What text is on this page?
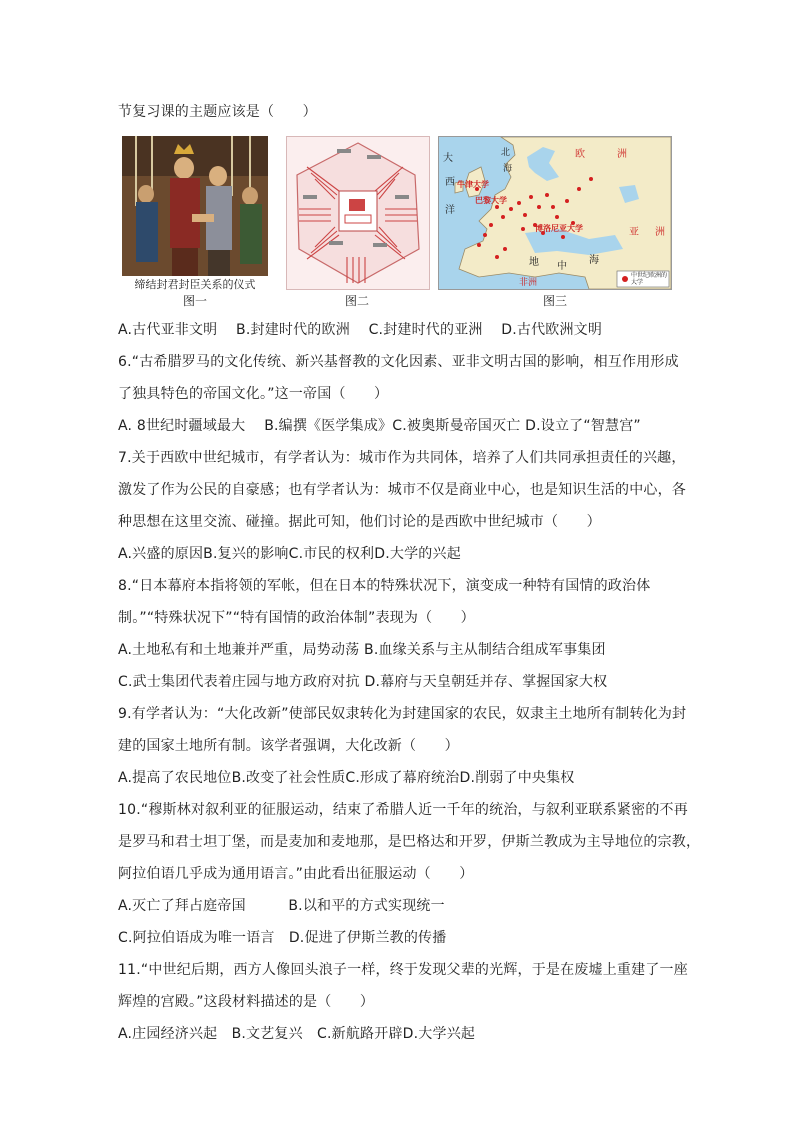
节复习课的主题应该是（　　）
缔结封君封臣关系的仪式
图一	图二
大
西
洋
北
海
欧	洲
亚 洲
地 中
海
非洲
牛津大学
巴黎大学
博洛尼亚大学
中世纪欧洲的大学
图三
A.古代亚非文明 B.封建时代的欧洲 C.封建时代的亚洲 D.古代欧洲文明
6.“古希腊罗马的文化传统、新兴基督教的文化因素、亚非文明古国的影响，相互作用形成
了独具特色的帝国文化。”这一帝国（　　）
A. 8世纪时疆域最大　 B.编撰《医学集成》C.被奥斯曼帝国灭亡 D.设立了“智慧宫”
7.关于西欧中世纪城市，有学者认为：城市作为共同体，培养了人们共同承担责任的兴趣，
激发了作为公民的自豪感；也有学者认为：城市不仅是商业中心，也是知识生活的中心，各
种思想在这里交流、碰撞。据此可知，他们讨论的是西欧中世纪城市（　　）
A.兴盛的原因B.复兴的影响C.市民的权利D.大学的兴起
8.“日本幕府本指将领的军帐，但在日本的特殊状况下，演变成一种特有国情的政治体
制。”“特殊状况下”“特有国情的政治体制”表现为（　　）
A.土地私有和土地兼并严重，局势动荡 B.血缘关系与主从制结合组成军事集团
C.武士集团代表着庄园与地方政府对抗 D.幕府与天皇朝廷并存、掌握国家大权
9.有学者认为：“大化改新”使部民奴隶转化为封建国家的农民，奴隶主土地所有制转化为封
建的国家土地所有制。该学者强调，大化改新（　　）
A.提高了农民地位B.改变了社会性质C.形成了幕府统治D.削弱了中央集权
10.“穆斯林对叙利亚的征服运动，结束了希腊人近一千年的统治，与叙利亚联系紧密的不再
是罗马和君士坦丁堡，而是麦加和麦地那，是巴格达和开罗，伊斯兰教成为主导地位的宗教，
阿拉伯语几乎成为通用语言。”由此看出征服运动（　　）
A.灭亡了拜占庭帝国　　　B.以和平的方式实现统一
C.阿拉伯语成为唯一语言　D.促进了伊斯兰教的传播
11.“中世纪后期，西方人像回头浪子一样，终于发现父辈的光辉，于是在废墟上重建了一座
辉煌的宫殿。”这段材料描述的是（　　）
A.庄园经济兴起　B.文艺复兴　C.新航路开辟D.大学兴起
